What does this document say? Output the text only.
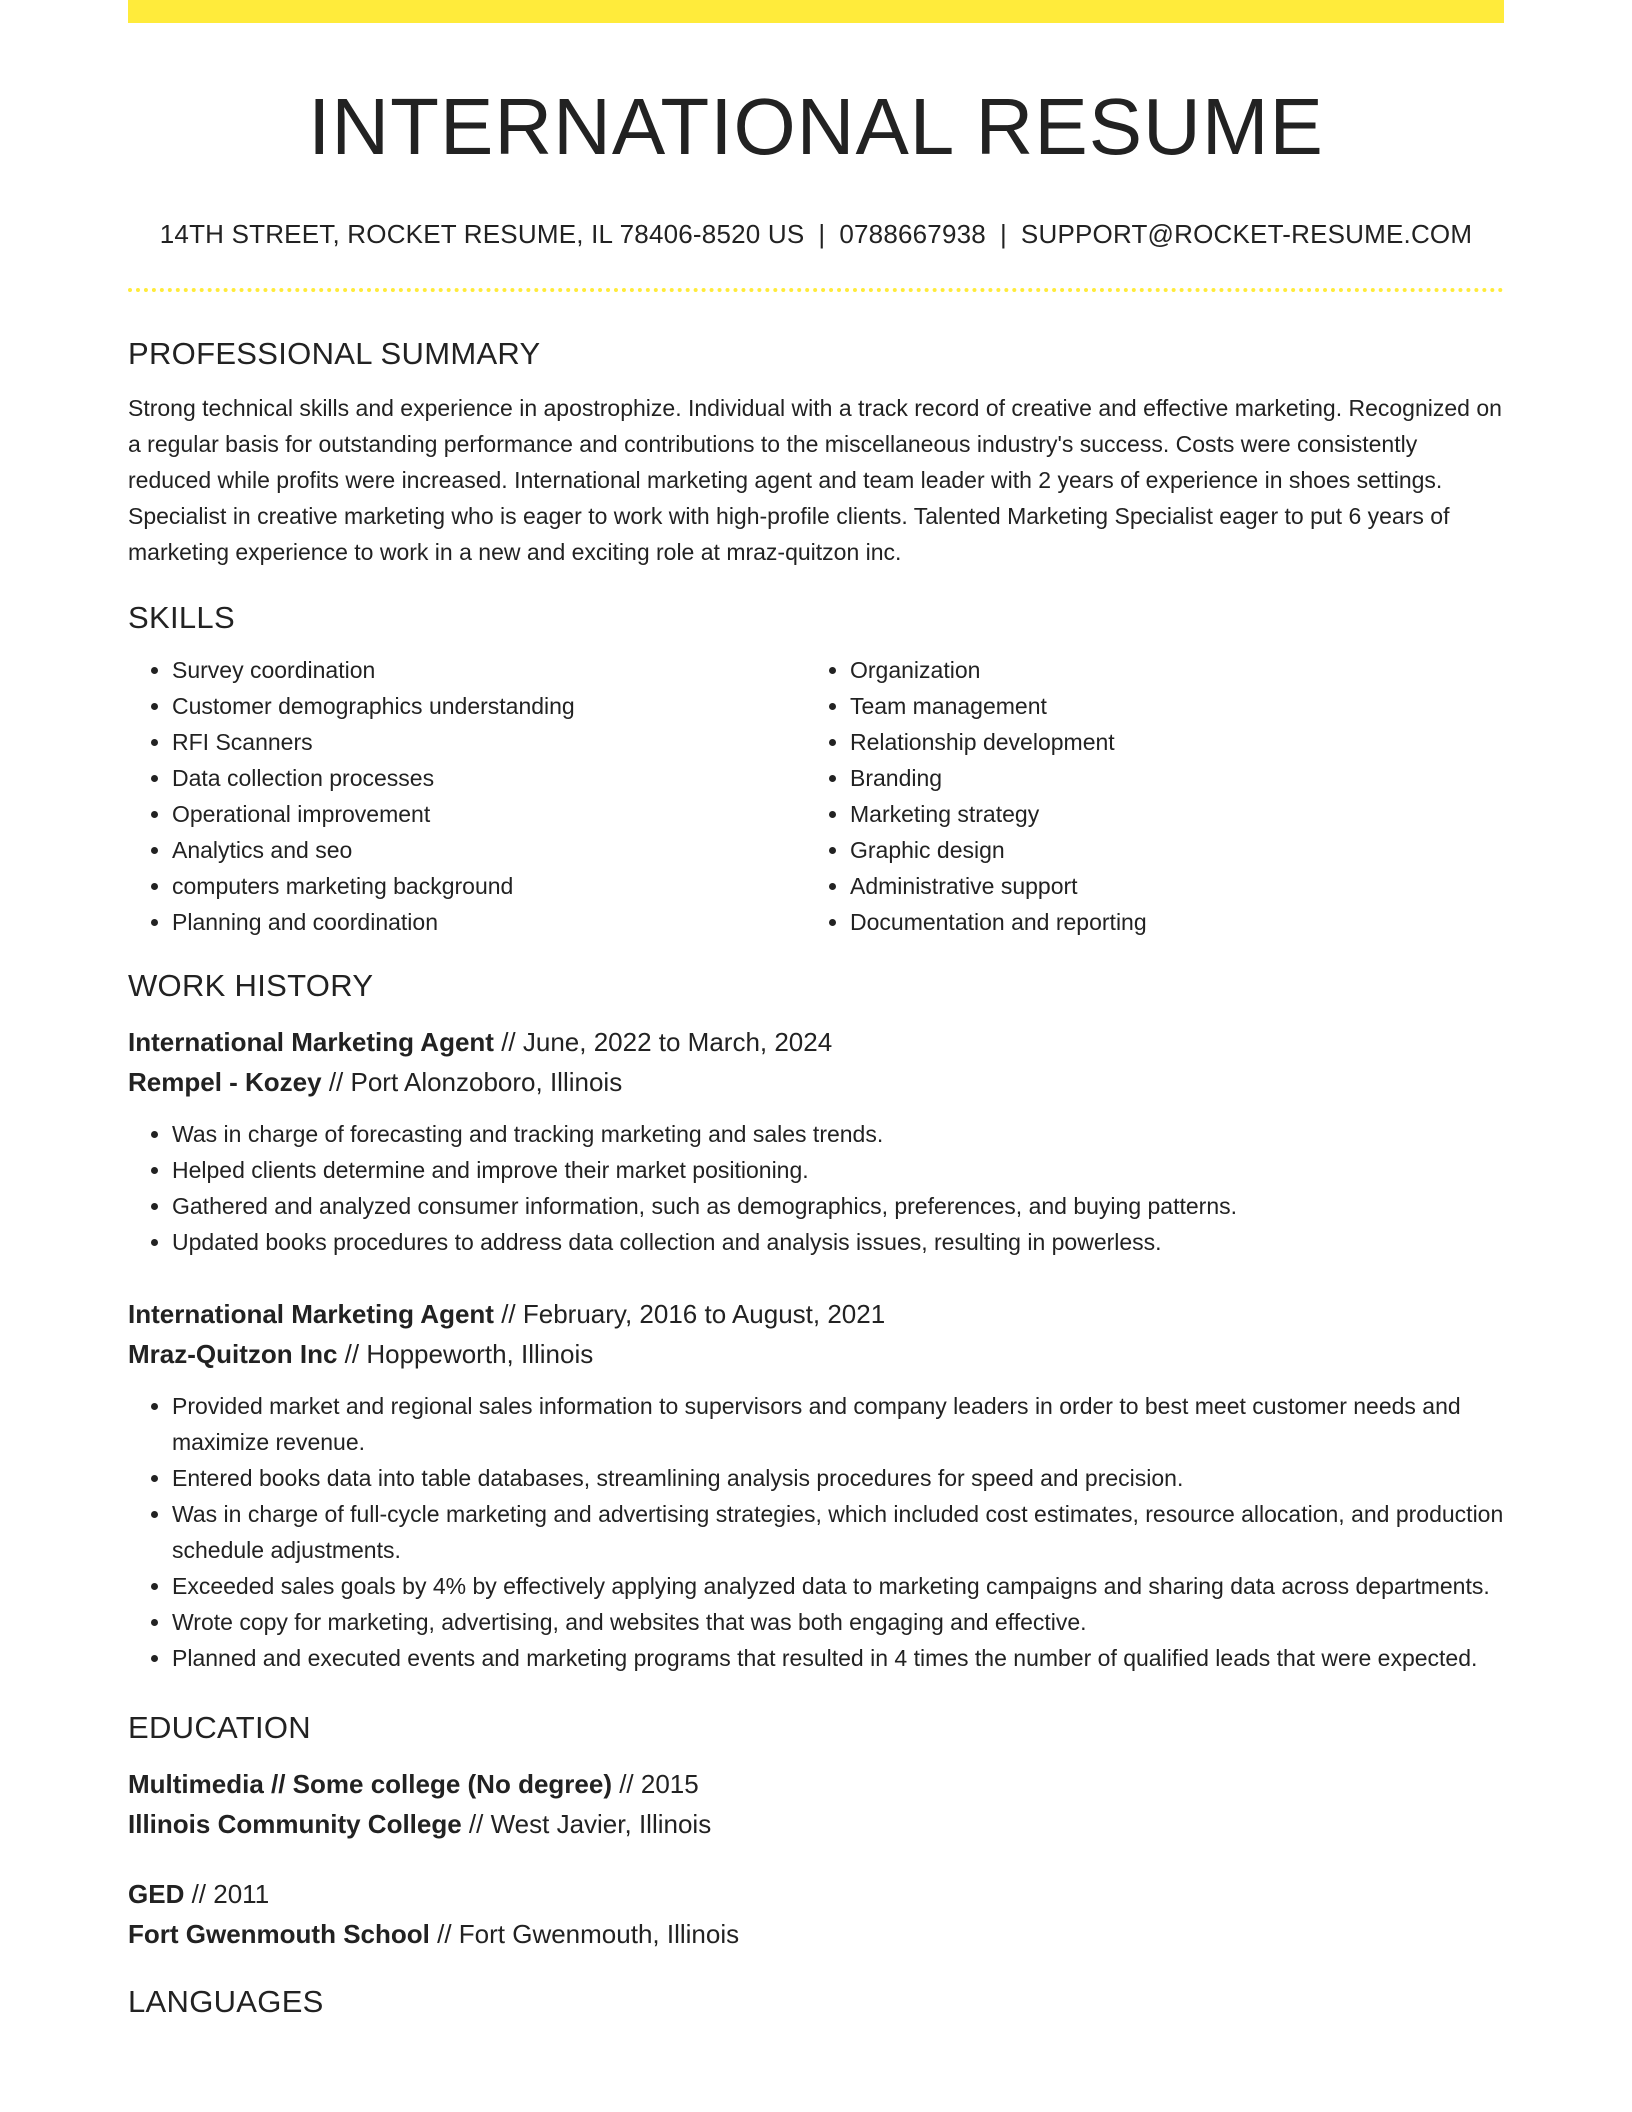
INTERNATIONAL RESUME
14TH STREET, ROCKET RESUME, IL 78406-8520 US | 0788667938 | SUPPORT@ROCKET-RESUME.COM
PROFESSIONAL SUMMARY

Strong technical skills and experience in apostrophize. Individual with a track record of creative and effective marketing. Recognized on a regular basis for outstanding performance and contributions to the miscellaneous industry's success. Costs were consistently reduced while profits were increased. International marketing agent and team leader with 2 years of experience in shoes settings. Specialist in creative marketing who is eager to work with high-profile clients. Talented Marketing Specialist eager to put 6 years of marketing experience to work in a new and exciting role at mraz-quitzon inc.

SKILLS
• Survey coordination
• Customer demographics understanding
• RFI Scanners
• Data collection processes
• Operational improvement
• Analytics and seo
• computers marketing background
• Planning and coordination
• Organization
• Team management
• Relationship development
• Branding
• Marketing strategy
• Graphic design
• Administrative support
• Documentation and reporting
WORK HISTORY
International Marketing Agent // June, 2022 to March, 2024
Rempel - Kozey // Port Alonzoboro, Illinois
• Was in charge of forecasting and tracking marketing and sales trends.
• Helped clients determine and improve their market positioning.
• Gathered and analyzed consumer information, such as demographics, preferences, and buying patterns.
• Updated books procedures to address data collection and analysis issues, resulting in powerless.
International Marketing Agent // February, 2016 to August, 2021
Mraz-Quitzon Inc // Hoppeworth, Illinois
• Provided market and regional sales information to supervisors and company leaders in order to best meet customer needs and maximize revenue.
• Entered books data into table databases, streamlining analysis procedures for speed and precision.
• Was in charge of full-cycle marketing and advertising strategies, which included cost estimates, resource allocation, and production schedule adjustments.
• Exceeded sales goals by 4% by effectively applying analyzed data to marketing campaigns and sharing data across departments.
• Wrote copy for marketing, advertising, and websites that was both engaging and effective.
• Planned and executed events and marketing programs that resulted in 4 times the number of qualified leads that were expected.
EDUCATION
Multimedia // Some college (No degree) // 2015
Illinois Community College // West Javier, Illinois
GED // 2011
Fort Gwenmouth School // Fort Gwenmouth, Illinois
LANGUAGES
